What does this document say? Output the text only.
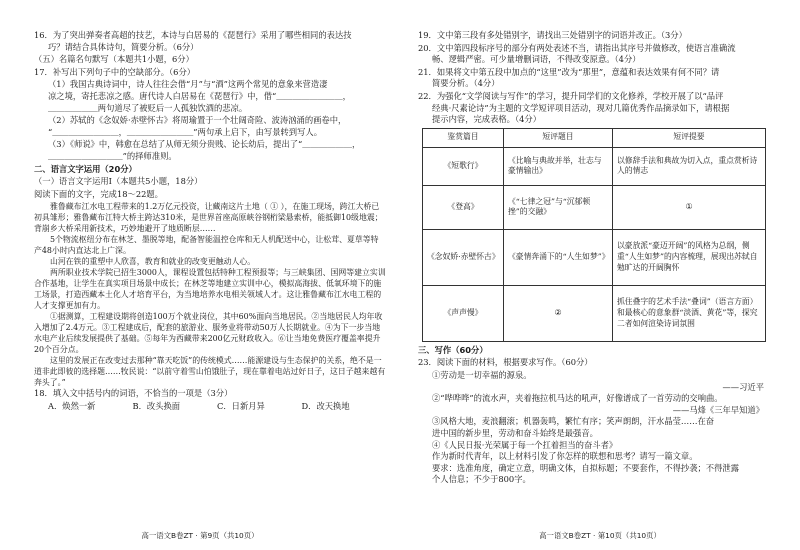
16．为了突出弹奏者高超的技艺，本诗与白居易的《琵琶行》采用了哪些相同的表达技

巧？请结合具体诗句，简要分析。（6分）

（五）名篇名句默写（本题共1小题，6分）

17．补写出下列句子中的空缺部分。（6分）

（1）我国古典诗词中，诗人往往会借“月”与“酒”这两个常见的意象来营造凄

凉之境，寄托悲凉之感。唐代诗人白居易在《琵琶行》中，借“＿＿＿＿＿＿＿＿，

＿＿＿＿＿＿两句道尽了被贬后一人孤独饮酒的悲凉。

（2）苏轼的《念奴娇·赤壁怀古》将周瑜置于一个壮阔奇险、波涛汹涌的画卷中，

“＿＿＿＿＿＿＿＿，＿＿＿＿＿＿＿＿”两句承上启下，由写景转到写人。

（3）《师说》中，韩愈在总结了从师无须分贵贱、论长幼后，提出了“＿＿＿＿＿＿，

＿＿＿＿＿＿＿＿＿”的择师准则。

二、语言文字运用（20分）

（一）语言文字运用Ⅰ（本题共5小题，18分）

阅读下面的文字，完成18～22题。

雅鲁藏布江水电工程带来的1.2万亿元投资，让藏南这片土地（ ① ），在施工现场，跨江大桥已初具雏形；雅鲁藏布江特大桥主跨达310米，是世界首座高原峡谷钢桁梁悬索桥，能抵御10级地震；背崩乡大桥采用新技术，巧妙地避开了地质断层……

5个物流枢纽分布在林芝、墨脱等地，配备智能温控仓库和无人机配送中心，让松茸、夏草等特产48小时内直达北上广深。

山河在铁的重塑中人欣喜，教育和就业的改变更触动人心。

两所职业技术学院已招生3000人，课程设置包括特种工程预报等；与三峡集团、国网等建立实训合作基地，让学生在真实项目场景中成长；在林芝等地建立实训中心，模拟高海拔、低氧环境下的施工场景，打造西藏本土化人才培育平台，为当地培养水电相关领域人才。这让雅鲁藏布江水电工程的人才支撑更加有力。

①据测算，工程建设期将创造100万个就业岗位，其中60%面向当地居民。②当地居民人均年收入增加了2.4万元。③工程建成后，配套的旅游业、服务业将带动50万人长期就业。④为下一步当地水电产业后续发展提供了基础。⑤每年为西藏带来200亿元财政收入。⑥让当地免费医疗覆盖率提升20个百分点。

这里的发展正在改变过去那种“靠天吃饭”的传统模式……能源建设与生态保护的关系，绝不是一道非此即彼的选择题……牧民说：“以前守着雪山怕饿肚子，现在靠着电站过好日子，这日子越来越有奔头了。”

18．填入文中括号内的词语，不恰当的一项是（3分）

A．焕然一新	B．改头换面	C．日新月异	D．改天换地
高一语文B卷ZT · 第9页（共10页）

19．文中第三段有多处错别字，请找出三处错别字的词语并改正。（3分）

20．文中第四段标序号的部分有两处表述不当，请指出其序号并做修改，使语言准确流

畅、逻辑严密。可少量增删词语，不得改变原意。（4分）

21．如果将文中第五段中加点的“这里”改为“那里”，意蕴和表达效果有何不同？请

简要分析。（4分）

22．为强化“文学阅读与写作”的学习，提升同学们的文化修养，学校开展了以“品评

经典·尺素论诗”为主题的文学短评项目活动，现对几篇优秀作品摘录如下，请根据

提示内容，完成表格。（4分）

鉴赏篇目	短评题目	短评提要
《短歌行》	《比喻与典故并举，壮志与豪情输出》	以修辞手法和典故为切入点，重点赏析诗人的情志
《登高》	《“七律之冠”与“沉郁顿挫”的交融》	①
《念奴娇·赤壁怀古》	《豪情奔涌下的“人生如梦”》	以豪放派“豪迈开阔”的风格为总纲，侧重“人生如梦”的内容梳理，展现出苏轼自勉旷达的开阔胸怀
《声声慢》	②	抓住叠字的艺术手法“叠词”（语言方面）和最核心的意象群“淡酒、黄花”等，探究二者如何渲染诗词氛围

三、写作（60分）

23．阅读下面的材料，根据要求写作。（60分）

①劳动是一切幸福的源泉。

——习近平

②“哗哗哗”的流水声，夹着拖拉机马达的吼声，好像谱成了一首劳动的交响曲。

——马烽《三年早知道》

③风格大地，麦浪翻滚；机器轰鸣，繁忙有序；笑声朗朗，汗水晶莹……在奋

进中国的新步里，劳动和奋斗始终是最强音。

④《人民日报·光荣属于每一个扛着担当的奋斗者》

作为新时代青年，以上材料引发了你怎样的联想和思考？请写一篇文章。

要求：选准角度，确定立意，明确文体，自拟标题；不要套作，不得抄袭；不得泄露

个人信息；不少于800字。

高一语文B卷ZT · 第10页（共10页）
